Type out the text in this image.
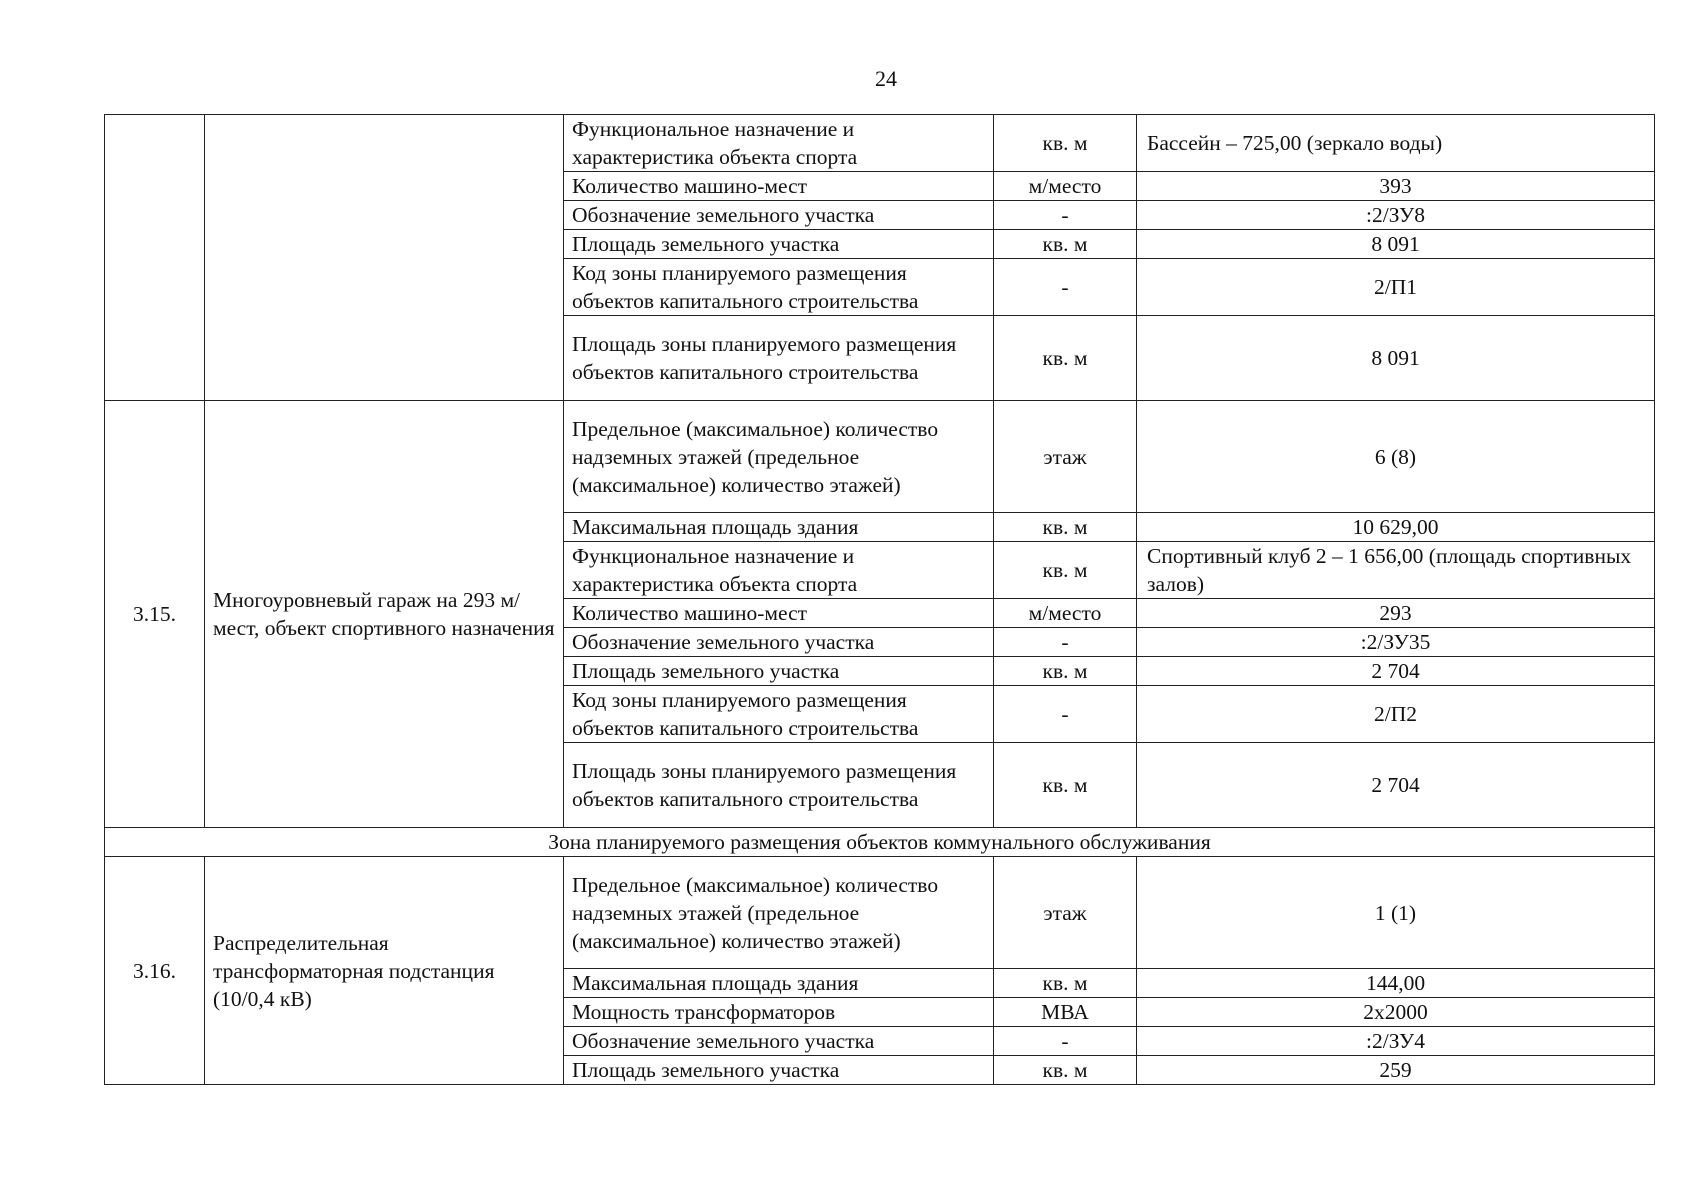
24
		Функциональное назначение и характеристика объекта спорта	кв. м	Бассейн – 725,00 (зеркало воды)
		Количество машино-мест	м/место	393
		Обозначение земельного участка	-	:2/ЗУ8
		Площадь земельного участка	кв. м	8 091
		Код зоны планируемого размещения объектов капитального строительства	-	2/П1
		Площадь зоны планируемого размещения объектов капитального строительства	кв. м	8 091
3.15.	Многоуровневый гараж на 293 м/мест, объект спортивного назначения	Предельное (максимальное) количество надземных этажей (предельное (максимальное) количество этажей)	этаж	6 (8)
		Максимальная площадь здания	кв. м	10 629,00
		Функциональное назначение и характеристика объекта спорта	кв. м	Спортивный клуб 2 – 1 656,00 (площадь спортивных залов)
		Количество машино-мест	м/место	293
		Обозначение земельного участка	-	:2/ЗУ35
		Площадь земельного участка	кв. м	2 704
		Код зоны планируемого размещения объектов капитального строительства	-	2/П2
		Площадь зоны планируемого размещения объектов капитального строительства	кв. м	2 704
Зона планируемого размещения объектов коммунального обслуживания				
3.16.	Распределительная трансформаторная подстанция (10/0,4 кВ)	Предельное (максимальное) количество надземных этажей (предельное (максимальное) количество этажей)	этаж	1 (1)
		Максимальная площадь здания	кв. м	144,00
		Мощность трансформаторов	МВА	2х2000
		Обозначение земельного участка	-	:2/ЗУ4
		Площадь земельного участка	кв. м	259
